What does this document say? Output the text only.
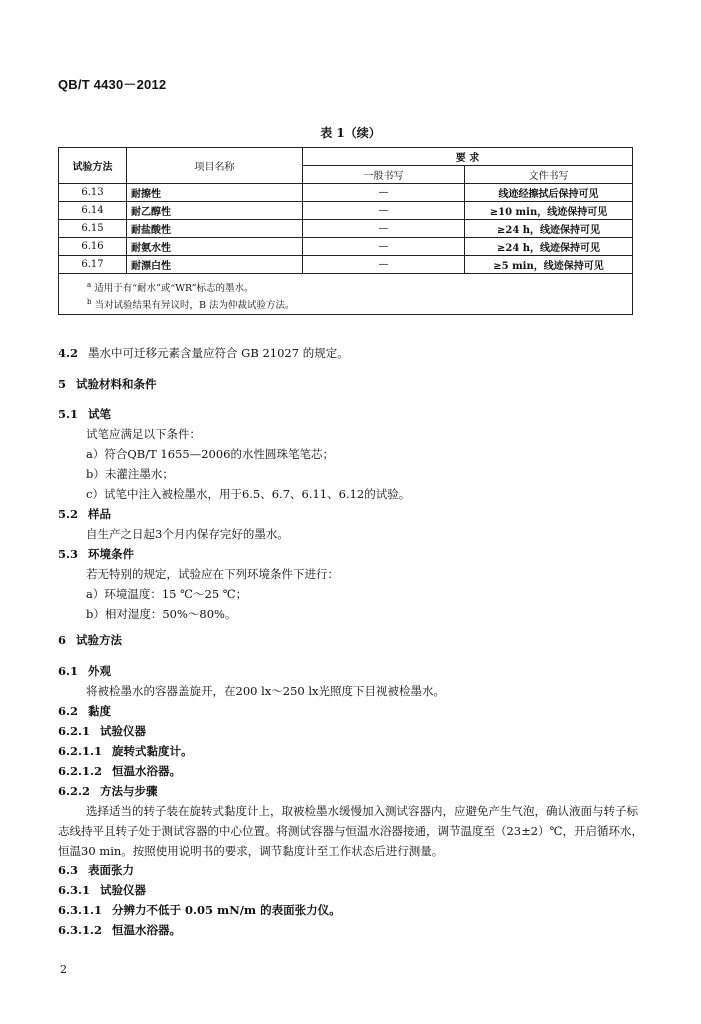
QB/T 4430－2012
表 1（续）
试验方法	项目名称	要 求	
		一般书写	文件书写
6.13	耐擦性	—	线迹经擦拭后保持可见
6.14	耐乙醇性	—	≥10 min，线迹保持可见
6.15	耐盐酸性	—	≥24 h，线迹保持可见
6.16	耐氨水性	—	≥24 h，线迹保持可见
6.17	耐漂白性	—	≥5 min，线迹保持可见

$^a$ 适用于有“耐水”或“WR”标志的墨水。
$^b$ 当对试验结果有异议时，B 法为仲裁试验方法。			
4.2 墨水中可迁移元素含量应符合 GB 21027 的规定。
5 试验材料和条件
5.1 试笔
试笔应满足以下条件：
a）符合QB/T 1655—2006的水性圆珠笔笔芯；
b）未灌注墨水；
c）试笔中注入被检墨水，用于6.5、6.7、6.11、6.12的试验。
5.2 样品
自生产之日起3个月内保存完好的墨水。
5.3 环境条件
若无特别的规定，试验应在下列环境条件下进行：
a）环境温度：15 ℃～25 ℃；
b）相对湿度：50%～80%。
6 试验方法
6.1 外观
将被检墨水的容器盖旋开，在200 lx～250 lx光照度下目视被检墨水。
6.2 黏度
6.2.1 试验仪器
6.2.1.1 旋转式黏度计。
6.2.1.2 恒温水浴器。
6.2.2 方法与步骤
选择适当的转子装在旋转式黏度计上，取被检墨水缓慢加入测试容器内，应避免产生气泡，确认液面与转子标志线持平且转子处于测试容器的中心位置。将测试容器与恒温水浴器接通，调节温度至（23±2）℃，开启循环水，恒温30 min。按照使用说明书的要求，调节黏度计至工作状态后进行测量。
6.3 表面张力
6.3.1 试验仪器
6.3.1.1 分辨力不低于 0.05 mN/m 的表面张力仪。
6.3.1.2 恒温水浴器。
2
